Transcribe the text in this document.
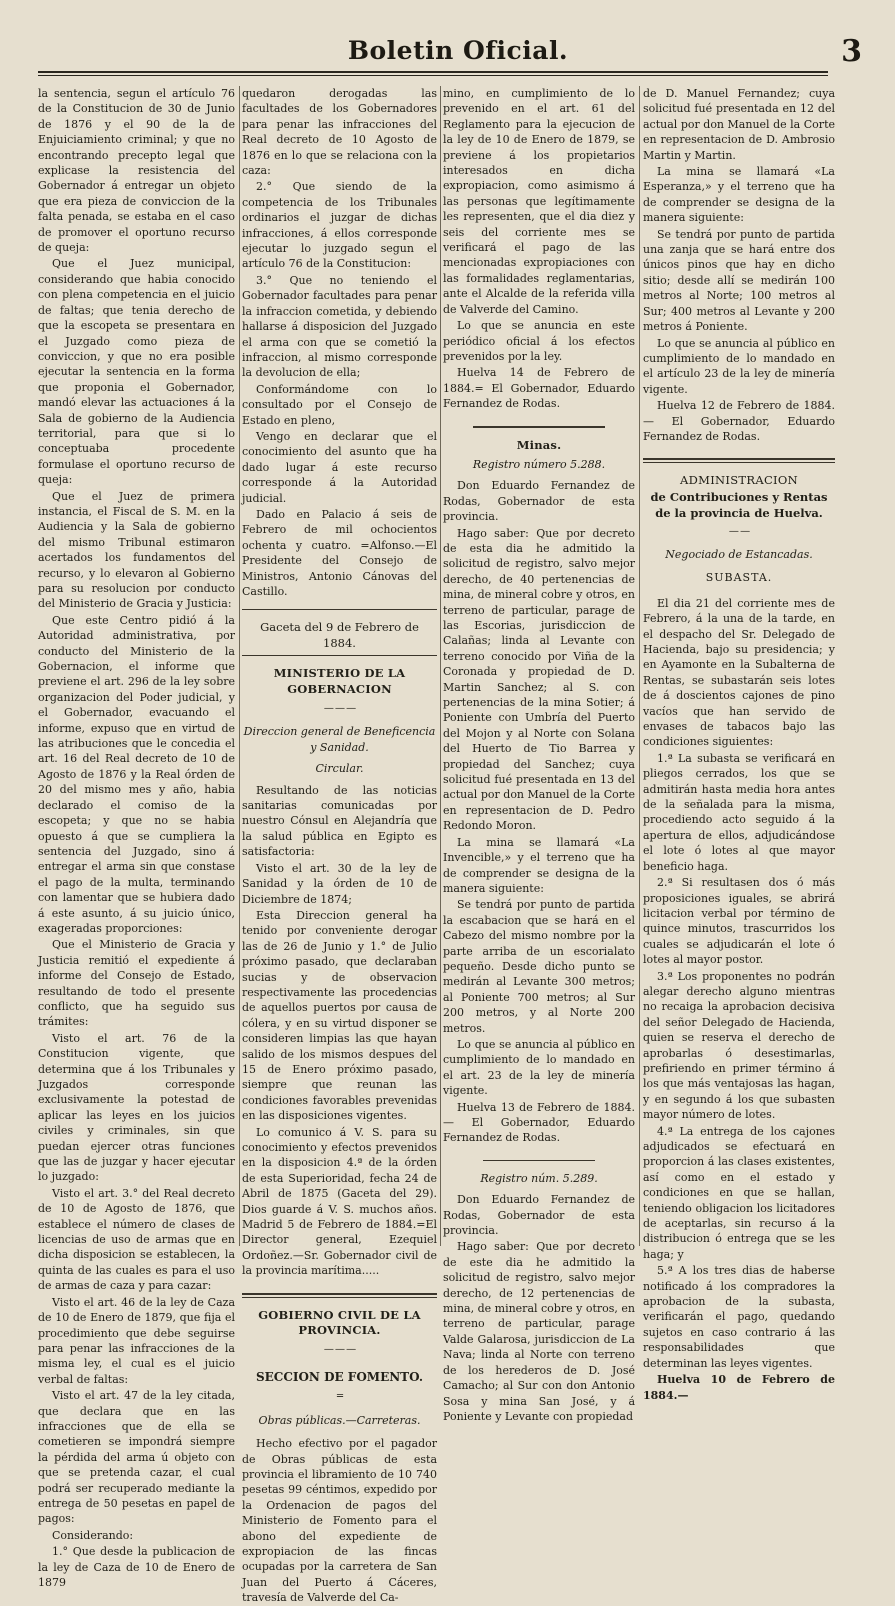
Boletin Oficial.	3

la sentencia, segun el artículo 76 de la Constitucion de 30 de Junio de 1876 y el 90 de la de Enjuiciamiento criminal; y que no encontrando precepto legal que explicase la resistencia del Gobernador á entregar un objeto que era pieza de conviccion de la falta penada, se estaba en el caso de promover el oportuno recurso de queja:

Que el Juez municipal, considerando que habia conocido con plena competencia en el juicio de faltas; que tenia derecho de que la escopeta se presentara en el Juzgado como pieza de conviccion, y que no era posible ejecutar la sentencia en la forma que proponia el Gobernador, mandó elevar las actuaciones á la Sala de gobierno de la Audiencia territorial, para que si lo conceptuaba procedente formulase el oportuno recurso de queja:

Que el Juez de primera instancia, el Fiscal de S. M. en la Audiencia y la Sala de gobierno del mismo Tribunal estimaron acertados los fundamentos del recurso, y lo elevaron al Gobierno para su resolucion por conducto del Ministerio de Gracia y Justicia:

Que este Centro pidió á la Autoridad administrativa, por conducto del Ministerio de la Gobernacion, el informe que previene el art. 296 de la ley sobre organizacion del Poder judicial, y el Gobernador, evacuando el informe, expuso que en virtud de las atribuciones que le concedia el art. 16 del Real decreto de 10 de Agosto de 1876 y la Real órden de 20 del mismo mes y año, habia declarado el comiso de la escopeta; y que no se habia opuesto á que se cumpliera la sentencia del Juzgado, sino á entregar el arma sin que constase el pago de la multa, terminando con lamentar que se hubiera dado á este asunto, á su juicio único, exageradas proporciones:

Que el Ministerio de Gracia y Justicia remitió el expediente á informe del Consejo de Estado, resultando de todo el presente conflicto, que ha seguido sus trámites:

Visto el art. 76 de la Constitucion vigente, que determina que á los Tribunales y Juzgados corresponde exclusivamente la potestad de aplicar las leyes en los juicios civiles y criminales, sin que puedan ejercer otras funciones que las de juzgar y hacer ejecutar lo juzgado:

Visto el art. 3.° del Real decreto de 10 de Agosto de 1876, que establece el número de clases de licencias de uso de armas que en dicha disposicion se establecen, la quinta de las cuales es para el uso de armas de caza y para cazar:

Visto el art. 46 de la ley de Caza de 10 de Enero de 1879, que fija el procedimiento que debe seguirse para penar las infracciones de la misma ley, el cual es el juicio verbal de faltas:

Visto el art. 47 de la ley citada, que declara que en las infracciones que de ella se cometieren se impondrá siempre la pérdida del arma ú objeto con que se pretenda cazar, el cual podrá ser recuperado mediante la entrega de 50 pesetas en papel de pagos:

Considerando:

1.° Que desde la publicacion de la ley de Caza de 10 de Enero de 1879

quedaron derogadas las facultades de los Gobernadores para penar las infracciones del Real decreto de 10 Agosto de 1876 en lo que se relaciona con la caza:

2.° Que siendo de la competencia de los Tribunales ordinarios el juzgar de dichas infracciones, á ellos corresponde ejecutar lo juzgado segun el artículo 76 de la Constitucion:

3.° Que no teniendo el Gobernador facultades para penar la infraccion cometida, y debiendo hallarse á disposicion del Juzgado el arma con que se cometió la infraccion, al mismo corresponde la devolucion de ella;

Conformándome con lo consultado por el Consejo de Estado en pleno,

Vengo en declarar que el conocimiento del asunto que ha dado lugar á este recurso corresponde á la Autoridad judicial.

Dado en Palacio á seis de Febrero de mil ochocientos ochenta y cuatro. =Alfonso.—El Presidente del Consejo de Ministros, Antonio Cánovas del Castillo.

Gaceta del 9 de Febrero de 1884.

MINISTERIO DE LA GOBERNACION
— — —

Direccion general de Beneficencia y Sanidad.

Circular.

Resultando de las noticias sanitarias comunicadas por nuestro Cónsul en Alejandría que la salud pública en Egipto es satisfactoria:

Visto el art. 30 de la ley de Sanidad y la órden de 10 de Diciembre de 1874;

Esta Direccion general ha tenido por conveniente derogar las de 26 de Junio y 1.° de Julio próximo pasado, que declaraban sucias y de observacion respectivamente las procedencias de aquellos puertos por causa de cólera, y en su virtud disponer se consideren limpias las que hayan salido de los mismos despues del 15 de Enero próximo pasado, siempre que reunan las condiciones favorables prevenidas en las disposiciones vigentes.

Lo comunico á V. S. para su conocimiento y efectos prevenidos en la disposicion 4.ª de la órden de esta Superioridad, fecha 24 de Abril de 1875 (Gaceta del 29). Dios guarde á V. S. muchos años. Madrid 5 de Febrero de 1884.=El Director general, Ezequiel Ordoñez.—Sr. Gobernador civil de la provincia marítima.....

GOBIERNO CIVIL DE LA PROVINCIA.
— — —
SECCION DE FOMENTO.
═

Obras públicas.—Carreteras.

Hecho efectivo por el pagador de Obras públicas de esta provincia el libramiento de 10 740 pesetas 99 céntimos, expedido por la Ordenacion de pagos del Ministerio de Fomento para el abono del expediente de expropiacion de las fincas ocupadas por la carretera de San Juan del Puerto á Cáceres, travesía de Valverde del Ca-

mino, en cumplimiento de lo prevenido en el art. 61 del Reglamento para la ejecucion de la ley de 10 de Enero de 1879, se previene á los propietarios interesados en dicha expropiacion, como asimismo á las personas que legítimamente les representen, que el dia diez y seis del corriente mes se verificará el pago de las mencionadas expropiaciones con las formalidades reglamentarias, ante el Alcalde de la referida villa de Valverde del Camino.

Lo que se anuncia en este periódico oficial á los efectos prevenidos por la ley.

Huelva 14 de Febrero de 1884.= El Gobernador, Eduardo Fernandez de Rodas.

Minas.

Registro número 5.288.

Don Eduardo Fernandez de Rodas, Gobernador de esta provincia.

Hago saber: Que por decreto de esta dia he admitido la solicitud de registro, salvo mejor derecho, de 40 pertenencias de mina, de mineral cobre y otros, en terreno de particular, parage de las Escorias, jurisdiccion de Calañas; linda al Levante con terreno conocido por Viña de la Coronada y propiedad de D. Martin Sanchez; al S. con pertenencias de la mina Sotier; á Poniente con Umbría del Puerto del Mojon y al Norte con Solana del Huerto de Tio Barrea y propiedad del Sanchez; cuya solicitud fué presentada en 13 del actual por don Manuel de la Corte en representacion de D. Pedro Redondo Moron.

La mina se llamará «La Invencible,» y el terreno que ha de comprender se designa de la manera siguiente:

Se tendrá por punto de partida la escabacion que se hará en el Cabezo del mismo nombre por la parte arriba de un escorialato pequeño. Desde dicho punto se medirán al Levante 300 metros; al Poniente 700 metros; al Sur 200 metros, y al Norte 200 metros.

Lo que se anuncia al público en cumplimiento de lo mandado en el art. 23 de la ley de minería vigente.

Huelva 13 de Febrero de 1884.— El Gobernador, Eduardo Fernandez de Rodas.

Registro núm. 5.289.

Don Eduardo Fernandez de Rodas, Gobernador de esta provincia.

Hago saber: Que por decreto de este dia he admitido la solicitud de registro, salvo mejor derecho, de 12 pertenencias de mina, de mineral cobre y otros, en terreno de particular, parage Valde Galarosa, jurisdiccion de La Nava; linda al Norte con terreno de los herederos de D. José Camacho; al Sur con don Antonio Sosa y mina San José, y á Poniente y Levante con propiedad

de D. Manuel Fernandez; cuya solicitud fué presentada en 12 del actual por don Manuel de la Corte en representacion de D. Ambrosio Martin y Martin.

La mina se llamará «La Esperanza,» y el terreno que ha de comprender se designa de la manera siguiente:

Se tendrá por punto de partida una zanja que se hará entre dos únicos pinos que hay en dicho sitio; desde allí se medirán 100 metros al Norte; 100 metros al Sur; 400 metros al Levante y 200 metros á Poniente.

Lo que se anuncia al público en cumplimiento de lo mandado en el artículo 23 de la ley de minería vigente.

Huelva 12 de Febrero de 1884.— El Gobernador, Eduardo Fernandez de Rodas.

ADMINISTRACION

de Contribuciones y Rentas

de la provincia de Huelva.

— —

Negociado de Estancadas.

SUBASTA.

El dia 21 del corriente mes de Febrero, á la una de la tarde, en el despacho del Sr. Delegado de Hacienda, bajo su presidencia; y en Ayamonte en la Subalterna de Rentas, se subastarán seis lotes de á doscientos cajones de pino vacíos que han servido de envases de tabacos bajo las condiciones siguientes:

1.ª La subasta se verificará en pliegos cerrados, los que se admitirán hasta media hora antes de la señalada para la misma, procediendo acto seguido á la apertura de ellos, adjudicándose el lote ó lotes al que mayor beneficio haga.

2.ª Si resultasen dos ó más proposiciones iguales, se abrirá licitacion verbal por término de quince minutos, trascurridos los cuales se adjudicarán el lote ó lotes al mayor postor.

3.ª Los proponentes no podrán alegar derecho alguno mientras no recaiga la aprobacion decisiva del señor Delegado de Hacienda, quien se reserva el derecho de aprobarlas ó desestimarlas, prefiriendo en primer término á los que más ventajosas las hagan, y en segundo á los que subasten mayor número de lotes.

4.ª La entrega de los cajones adjudicados se efectuará en proporcion á las clases existentes, así como en el estado y condiciones en que se hallan, teniendo obligacion los licitadores de aceptarlas, sin recurso á la distribucion ó entrega que se les haga; y

5.ª A los tres dias de haberse notificado á los compradores la aprobacion de la subasta, verificarán el pago, quedando sujetos en caso contrario á las responsabilidades que determinan las leyes vigentes.

Huelva 10 de Febrero de 1884.—
